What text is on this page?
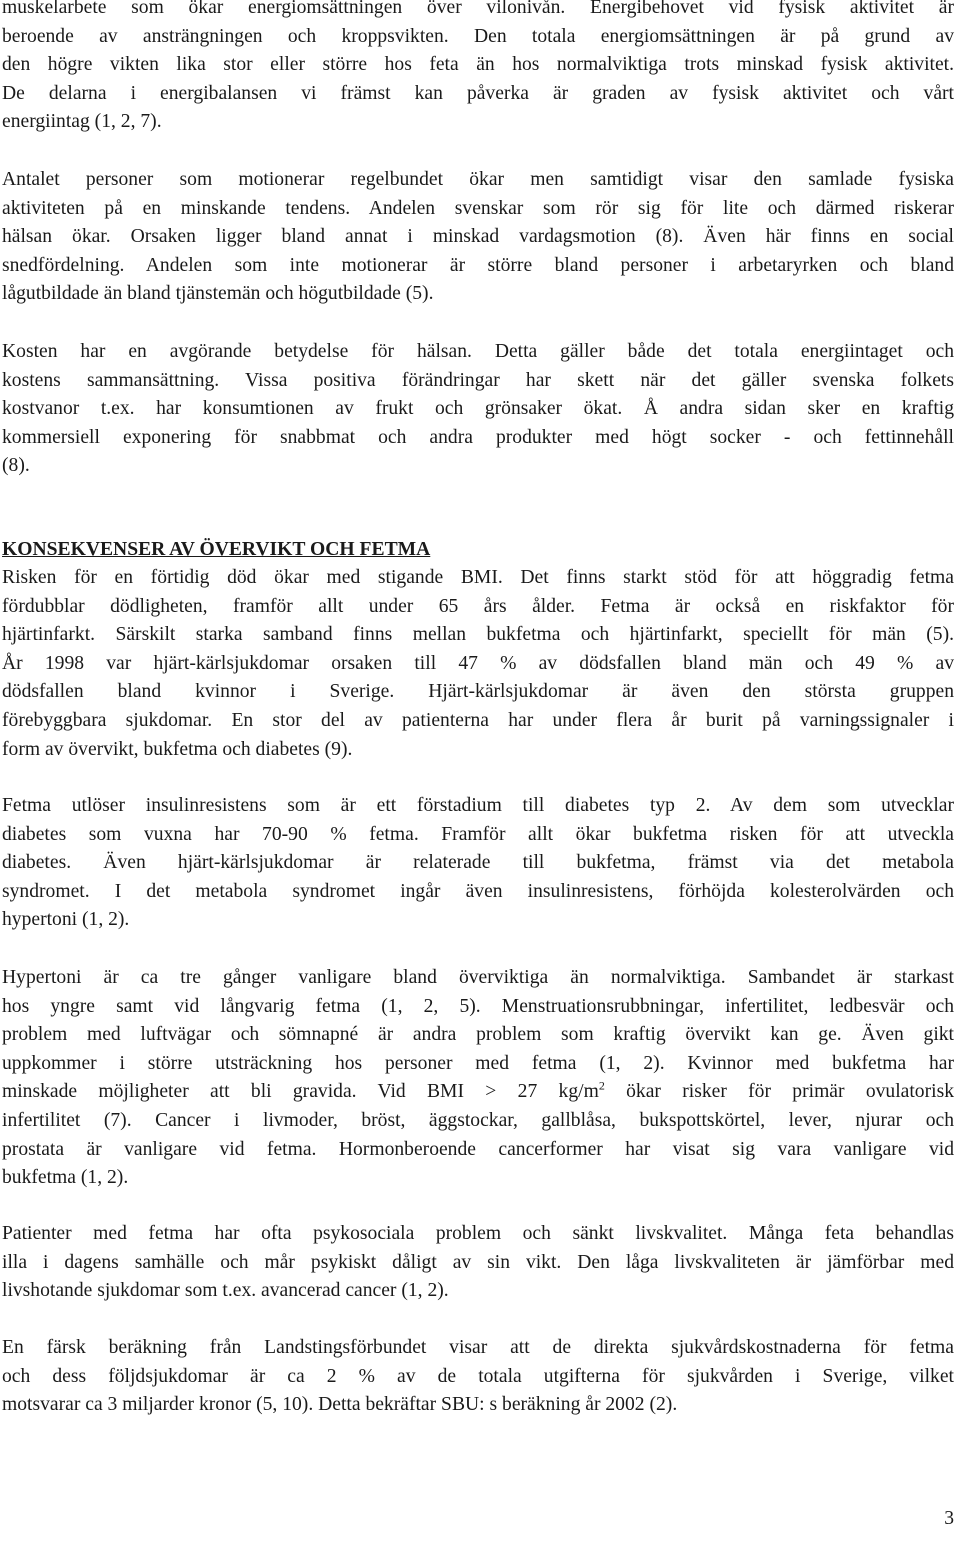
muskelarbete som ökar energiomsättningen över vilonivån. Energibehovet vid fysisk aktivitet är
beroende av ansträngningen och kroppsvikten. Den totala energiomsättningen är på grund av
den högre vikten lika stor eller större hos feta än hos normalviktiga trots minskad fysisk aktivitet.
De delarna i energibalansen vi främst kan påverka är graden av fysisk aktivitet och vårt
energiintag (1, 2, 7).
Antalet personer som motionerar regelbundet ökar men samtidigt visar den samlade fysiska
aktiviteten på en minskande tendens. Andelen svenskar som rör sig för lite och därmed riskerar
hälsan ökar. Orsaken ligger bland annat i minskad vardagsmotion (8). Även här finns en social
snedfördelning. Andelen som inte motionerar är större bland personer i arbetaryrken och bland
lågutbildade än bland tjänstemän och högutbildade (5).
Kosten har en avgörande betydelse för hälsan. Detta gäller både det totala energiintaget och
kostens sammansättning. Vissa positiva förändringar har skett när det gäller svenska folkets
kostvanor t.ex. har konsumtionen av frukt och grönsaker ökat. Å andra sidan sker en kraftig
kommersiell exponering för snabbmat och andra produkter med högt socker - och fettinnehåll
(8).
KONSEKVENSER AV ÖVERVIKT OCH FETMA
Risken för en förtidig död ökar med stigande BMI. Det finns starkt stöd för att höggradig fetma
fördubblar dödligheten, framför allt under 65 års ålder. Fetma är också en riskfaktor för
hjärtinfarkt. Särskilt starka samband finns mellan bukfetma och hjärtinfarkt, speciellt för män (5).
År 1998 var hjärt-kärlsjukdomar orsaken till 47 % av dödsfallen bland män och 49 % av
dödsfallen bland kvinnor i Sverige. Hjärt-kärlsjukdomar är även den största gruppen
förebyggbara sjukdomar. En stor del av patienterna har under flera år burit på varningssignaler i
form av övervikt, bukfetma och diabetes (9).
Fetma utlöser insulinresistens som är ett förstadium till diabetes typ 2. Av dem som utvecklar
diabetes som vuxna har 70-90 % fetma. Framför allt ökar bukfetma risken för att utveckla
diabetes. Även hjärt-kärlsjukdomar är relaterade till bukfetma, främst via det metabola
syndromet. I det metabola syndromet ingår även insulinresistens, förhöjda kolesterolvärden och
hypertoni (1, 2).
Hypertoni är ca tre gånger vanligare bland överviktiga än normalviktiga. Sambandet är starkast
hos yngre samt vid långvarig fetma (1, 2, 5). Menstruationsrubbningar, infertilitet, ledbesvär och
problem med luftvägar och sömnapné är andra problem som kraftig övervikt kan ge. Även gikt
uppkommer i större utsträckning hos personer med fetma (1, 2). Kvinnor med bukfetma har
minskade möjligheter att bli gravida. Vid BMI > 27 $kg/m^2$ ökar risker för primär ovulatorisk
infertilitet (7). Cancer i livmoder, bröst, äggstockar, gallblåsa, bukspottskörtel, lever, njurar och
prostata är vanligare vid fetma. Hormonberoende cancerformer har visat sig vara vanligare vid
bukfetma (1, 2).
Patienter med fetma har ofta psykosociala problem och sänkt livskvalitet. Många feta behandlas
illa i dagens samhälle och mår psykiskt dåligt av sin vikt. Den låga livskvaliteten är jämförbar med
livshotande sjukdomar som t.ex. avancerad cancer (1, 2).
En färsk beräkning från Landstingsförbundet visar att de direkta sjukvårdskostnaderna för fetma
och dess följdsjukdomar är ca 2 % av de totala utgifterna för sjukvården i Sverige, vilket
motsvarar ca 3 miljarder kronor (5, 10). Detta bekräftar SBU: s beräkning år 2002 (2).
3
